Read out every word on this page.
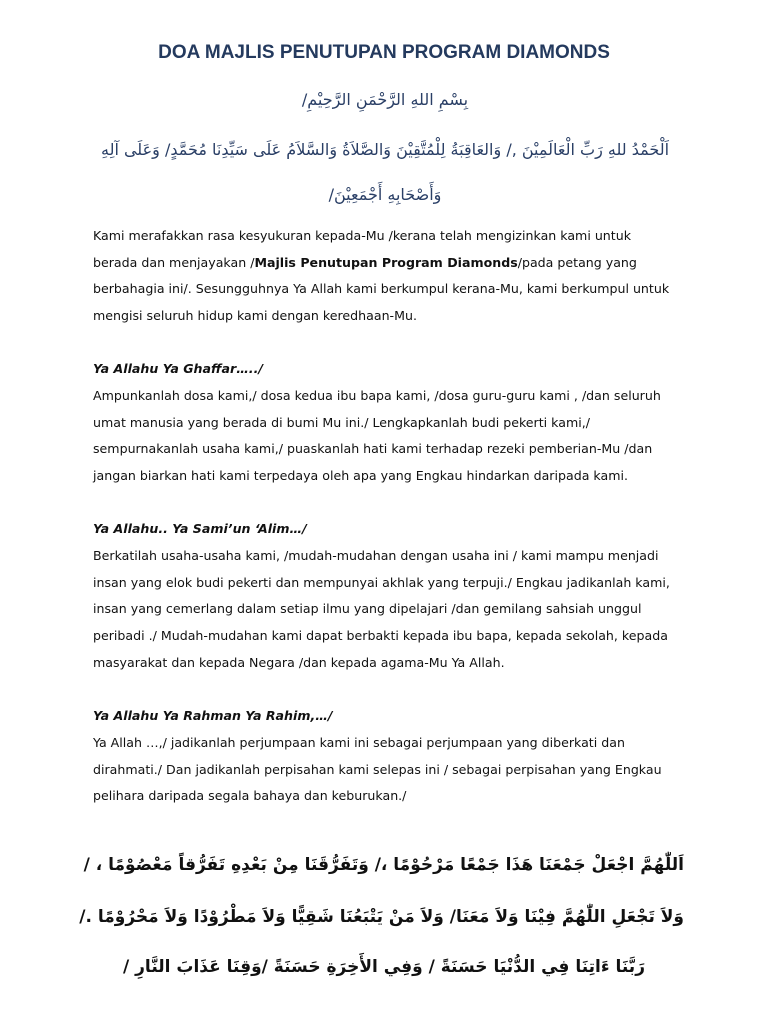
DOA MAJLIS PENUTUPAN PROGRAM DIAMONDS
بِسْمِ اللهِ الرَّحْمَنِ الرَّحِيْمِ/
اَلْحَمْدُ للهِ رَبِّ الْعَالَمِيْنَ ,/ وَالعَاقِبَةُ لِلْمُتَّقِيْنَ وَالصَّلاَةُ وَالسَّلاَمُ عَلَى سَيِّدِنَا مُحَمَّدٍ/ وَعَلَى آلِهِ
وَأَصْحَابِهِ أَجْمَعِيْنَ/

Kami merafakkan rasa kesyukuran kepada-Mu /kerana telah mengizinkan kami untuk

berada dan menjayakan /Majlis Penutupan Program Diamonds/pada petang yang

berbahagia ini/. Sesungguhnya Ya Allah kami berkumpul kerana-Mu, kami berkumpul untuk

mengisi seluruh hidup kami dengan keredhaan-Mu.

Ya Allahu Ya Ghaffar…../

Ampunkanlah dosa kami,/ dosa kedua ibu bapa kami, /dosa guru-guru kami , /dan seluruh

umat manusia yang berada di bumi Mu ini./ Lengkapkanlah budi pekerti kami,/

sempurnakanlah usaha kami,/ puaskanlah hati kami terhadap rezeki pemberian-Mu /dan

jangan biarkan hati kami terpedaya oleh apa yang Engkau hindarkan daripada kami.

Ya Allahu.. Ya Sami’un ‘Alim…/

Berkatilah usaha-usaha kami, /mudah-mudahan dengan usaha ini / kami mampu menjadi

insan yang elok budi pekerti dan mempunyai akhlak yang terpuji./ Engkau jadikanlah kami,

insan yang cemerlang dalam setiap ilmu yang dipelajari /dan gemilang sahsiah unggul

peribadi ./ Mudah-mudahan kami dapat berbakti kepada ibu bapa, kepada sekolah, kepada

masyarakat dan kepada Negara /dan kepada agama-Mu Ya Allah.

Ya Allahu Ya Rahman Ya Rahim,…/

Ya Allah …,/ jadikanlah perjumpaan kami ini sebagai perjumpaan yang diberkati dan

dirahmati./ Dan jadikanlah perpisahan kami selepas ini / sebagai perpisahan yang Engkau

pelihara daripada segala bahaya dan keburukan./

اَللّٰهُمَّ اجْعَلْ جَمْعَنَا هَذَا جَمْعًا مَرْحُوْمًا ،/ وَتَفَرُّقَنَا مِنْ بَعْدِهِ تَفَرُّقاً مَعْصُوْمًا ، /
وَلاَ تَجْعَلِ اللّٰهُمَّ فِيْنَا وَلاَ مَعَنَا/ وَلاَ مَنْ يَتْبَعُنَا شَقِيًّا وَلاَ مَطْرُوْدًا وَلاَ مَحْرُوْمًا ./
رَبَّنَا ءَاتِنَا فِي الدُّنْيَا حَسَنَةً / وَفِي الأَخِرَةِ حَسَنَةً /وَقِنَا عَذَابَ النَّارِ /
